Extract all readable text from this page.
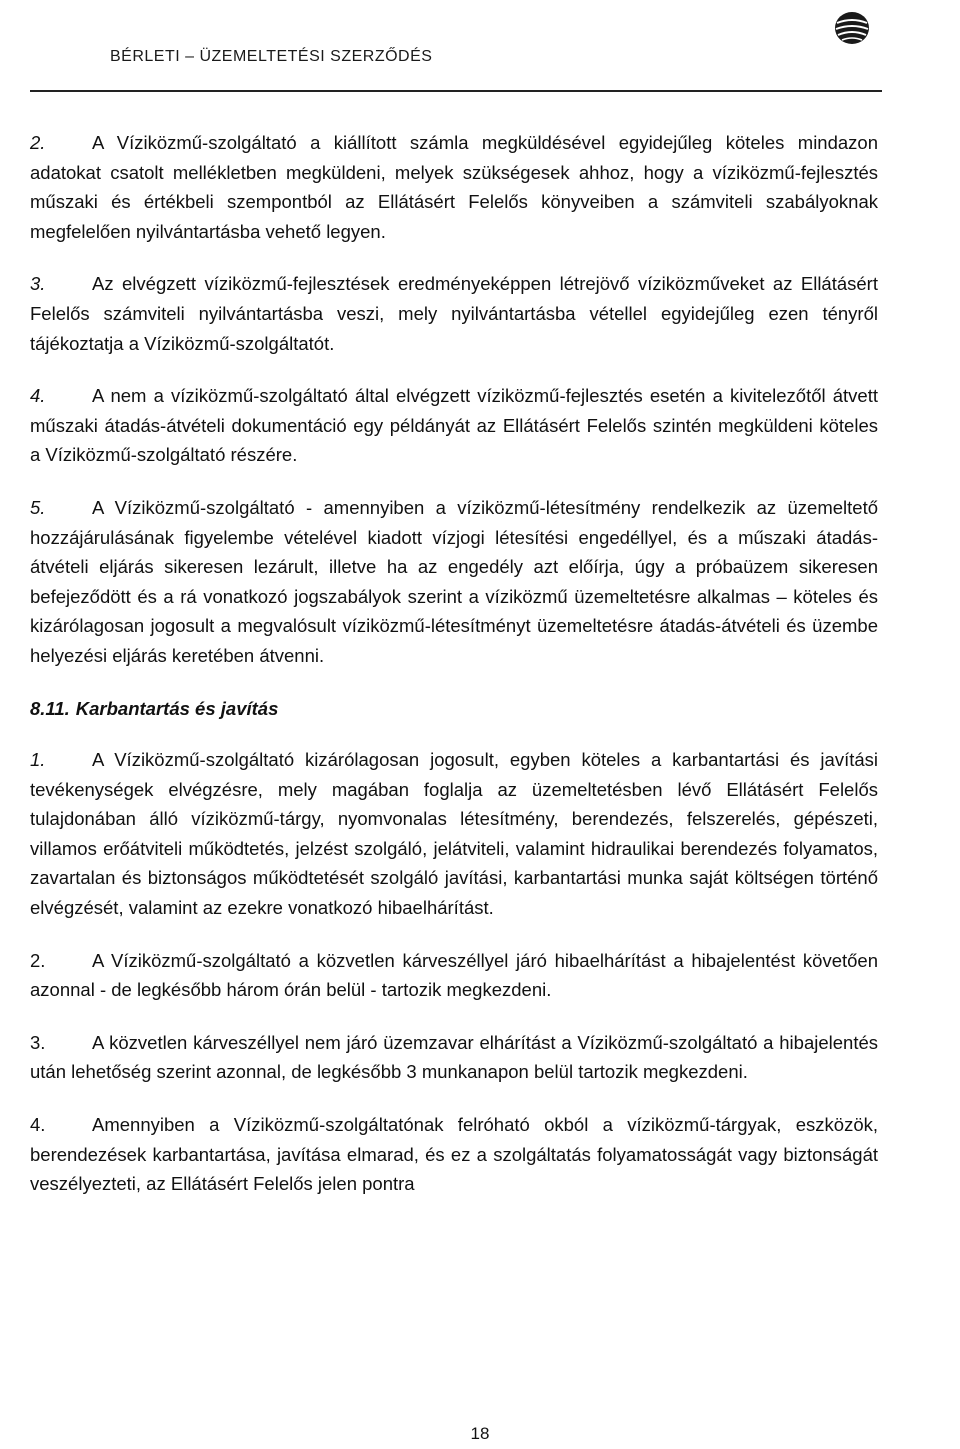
BÉRLETI – ÜZEMELTETÉSI SZERZŐDÉS

2.	A Víziközmű-szolgáltató a kiállított számla megküldésével egyidejűleg köteles mindazon adatokat csatolt mellékletben megküldeni, melyek szükségesek ahhoz, hogy a víziközmű-fejlesztés műszaki és értékbeli szempontból az Ellátásért Felelős könyveiben a számviteli szabályoknak megfelelően nyilvántartásba vehető legyen.

3.	Az elvégzett víziközmű-fejlesztések eredményeképpen létrejövő víziközműveket az Ellátásért Felelős számviteli nyilvántartásba veszi, mely nyilvántartásba vétellel egyidejűleg ezen tényről tájékoztatja a Víziközmű-szolgáltatót.

4.	A nem a víziközmű-szolgáltató által elvégzett víziközmű-fejlesztés esetén a kivitelezőtől átvett műszaki átadás-átvételi dokumentáció egy példányát az Ellátásért Felelős szintén megküldeni köteles a Víziközmű-szolgáltató részére.

5.	A Víziközmű-szolgáltató - amennyiben a víziközmű-létesítmény rendelkezik az üzemeltető hozzájárulásának figyelembe vételével kiadott vízjogi létesítési engedéllyel, és a műszaki átadás-átvételi eljárás sikeresen lezárult, illetve ha az engedély azt előírja, úgy a próbaüzem sikeresen befejeződött és a rá vonatkozó jogszabályok szerint a víziközmű üzemeltetésre alkalmas – köteles és kizárólagosan jogosult a megvalósult víziközmű-létesítményt üzemeltetésre átadás-átvételi és üzembe helyezési eljárás keretében átvenni.

8.11. Karbantartás és javítás

1.	A Víziközmű-szolgáltató kizárólagosan jogosult, egyben köteles a karbantartási és javítási tevékenységek elvégzésre, mely magában foglalja az üzemeltetésben lévő Ellátásért Felelős tulajdonában álló víziközmű-tárgy, nyomvonalas létesítmény, berendezés, felszerelés, gépészeti, villamos erőátviteli működtetés, jelzést szolgáló, jelátviteli, valamint hidraulikai berendezés folyamatos, zavartalan és biztonságos működtetését szolgáló javítási, karbantartási munka saját költségen történő elvégzését, valamint az ezekre vonatkozó hibaelhárítást.

2.	A Víziközmű-szolgáltató a közvetlen kárveszéllyel járó hibaelhárítást a hibajelentést követően azonnal - de legkésőbb három órán belül - tartozik megkezdeni.

3.	A közvetlen kárveszéllyel nem járó üzemzavar elhárítást a Víziközmű-szolgáltató a hibajelentés után lehetőség szerint azonnal, de legkésőbb 3 munkanapon belül tartozik megkezdeni.

4.	Amennyiben a Víziközmű-szolgáltatónak felróható okból a víziközmű-tárgyak, eszközök, berendezések karbantartása, javítása elmarad, és ez a szolgáltatás folyamatosságát vagy biztonságát veszélyezteti, az Ellátásért Felelős jelen pontra

18
